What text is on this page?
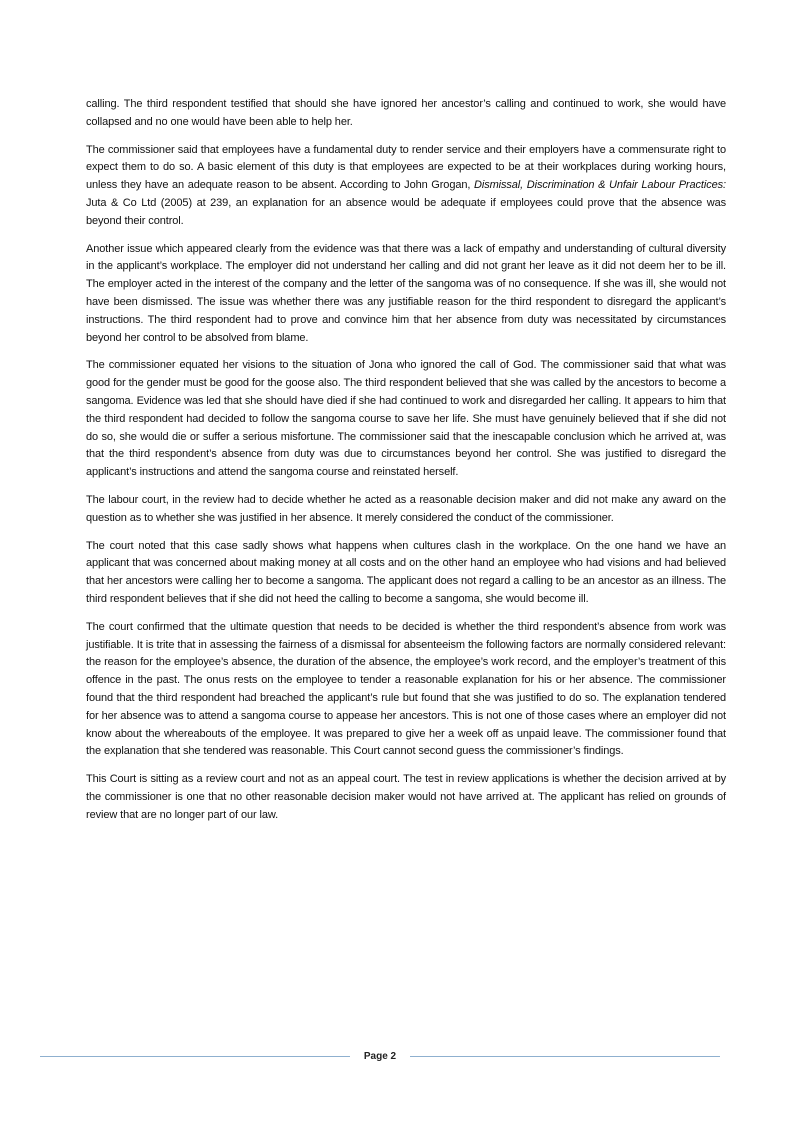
calling. The third respondent testified that should she have ignored her ancestor’s calling and continued to work, she would have collapsed and no one would have been able to help her.

The commissioner said that employees have a fundamental duty to render service and their employers have a commensurate right to expect them to do so. A basic element of this duty is that employees are expected to be at their workplaces during working hours, unless they have an adequate reason to be absent. According to John Grogan, Dismissal, Discrimination & Unfair Labour Practices: Juta & Co Ltd (2005) at 239, an explanation for an absence would be adequate if employees could prove that the absence was beyond their control.

Another issue which appeared clearly from the evidence was that there was a lack of empathy and understanding of cultural diversity in the applicant’s workplace. The employer did not understand her calling and did not grant her leave as it did not deem her to be ill. The employer acted in the interest of the company and the letter of the sangoma was of no consequence. If she was ill, she would not have been dismissed. The issue was whether there was any justifiable reason for the third respondent to disregard the applicant’s instructions. The third respondent had to prove and convince him that her absence from duty was necessitated by circumstances beyond her control to be absolved from blame.

The commissioner equated her visions to the situation of Jona who ignored the call of God. The commissioner said that what was good for the gender must be good for the goose also. The third respondent believed that she was called by the ancestors to become a sangoma. Evidence was led that she should have died if she had continued to work and disregarded her calling. It appears to him that the third respondent had decided to follow the sangoma course to save her life. She must have genuinely believed that if she did not do so, she would die or suffer a serious misfortune. The commissioner said that the inescapable conclusion which he arrived at, was that the third respondent’s absence from duty was due to circumstances beyond her control. She was justified to disregard the applicant’s instructions and attend the sangoma course and reinstated herself.

The labour court, in the review had to decide whether he acted as a reasonable decision maker and did not make any award on the question as to whether she was justified in her absence. It merely considered the conduct of the commissioner.

The court noted that this case sadly shows what happens when cultures clash in the workplace. On the one hand we have an applicant that was concerned about making money at all costs and on the other hand an employee who had visions and had believed that her ancestors were calling her to become a sangoma. The applicant does not regard a calling to be an ancestor as an illness. The third respondent believes that if she did not heed the calling to become a sangoma, she would become ill.

The court confirmed that the ultimate question that needs to be decided is whether the third respondent’s absence from work was justifiable. It is trite that in assessing the fairness of a dismissal for absenteeism the following factors are normally considered relevant: the reason for the employee’s absence, the duration of the absence, the employee’s work record, and the employer’s treatment of this offence in the past. The onus rests on the employee to tender a reasonable explanation for his or her absence. The commissioner found that the third respondent had breached the applicant’s rule but found that she was justified to do so. The explanation tendered for her absence was to attend a sangoma course to appease her ancestors. This is not one of those cases where an employer did not know about the whereabouts of the employee. It was prepared to give her a week off as unpaid leave. The commissioner found that the explanation that she tendered was reasonable. This Court cannot second guess the commissioner’s findings.

This Court is sitting as a review court and not as an appeal court. The test in review applications is whether the decision arrived at by the commissioner is one that no other reasonable decision maker would not have arrived at. The applicant has relied on grounds of review that are no longer part of our law.

Page 2
